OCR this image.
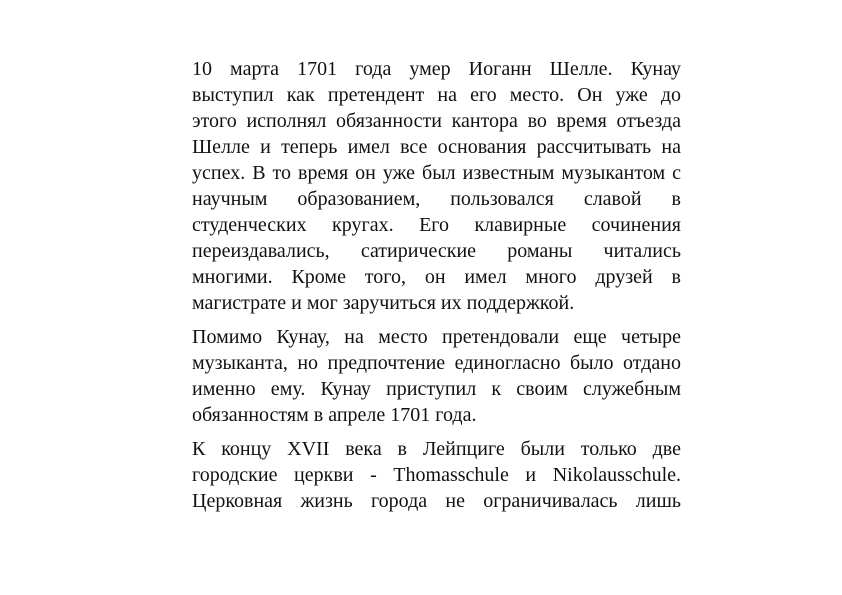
10 марта 1701 года умер Иоганн Шелле. Кунау
выступил как претендент на его место. Он уже до
этого исполнял обязанности кантора во время отъезда
Шелле и теперь имел все основания рассчитывать на
успех. В то время он уже был известным музыкантом с
научным образованием, пользовался славой в
студенческих кругах. Его клавирные сочинения
переиздавались, сатирические романы читались
многими. Кроме того, он имел много друзей в
магистрате и мог заручиться их поддержкой.
Помимо Кунау, на место претендовали еще четыре
музыканта, но предпочтение единогласно было отдано
именно ему. Кунау приступил к своим служебным
обязанностям в апреле 1701 года.
К концу XVII века в Лейпциге были только две
городские церкви - Thomasschule и Nikolausschule.
Церковная жизнь города не ограничивалась лишь
